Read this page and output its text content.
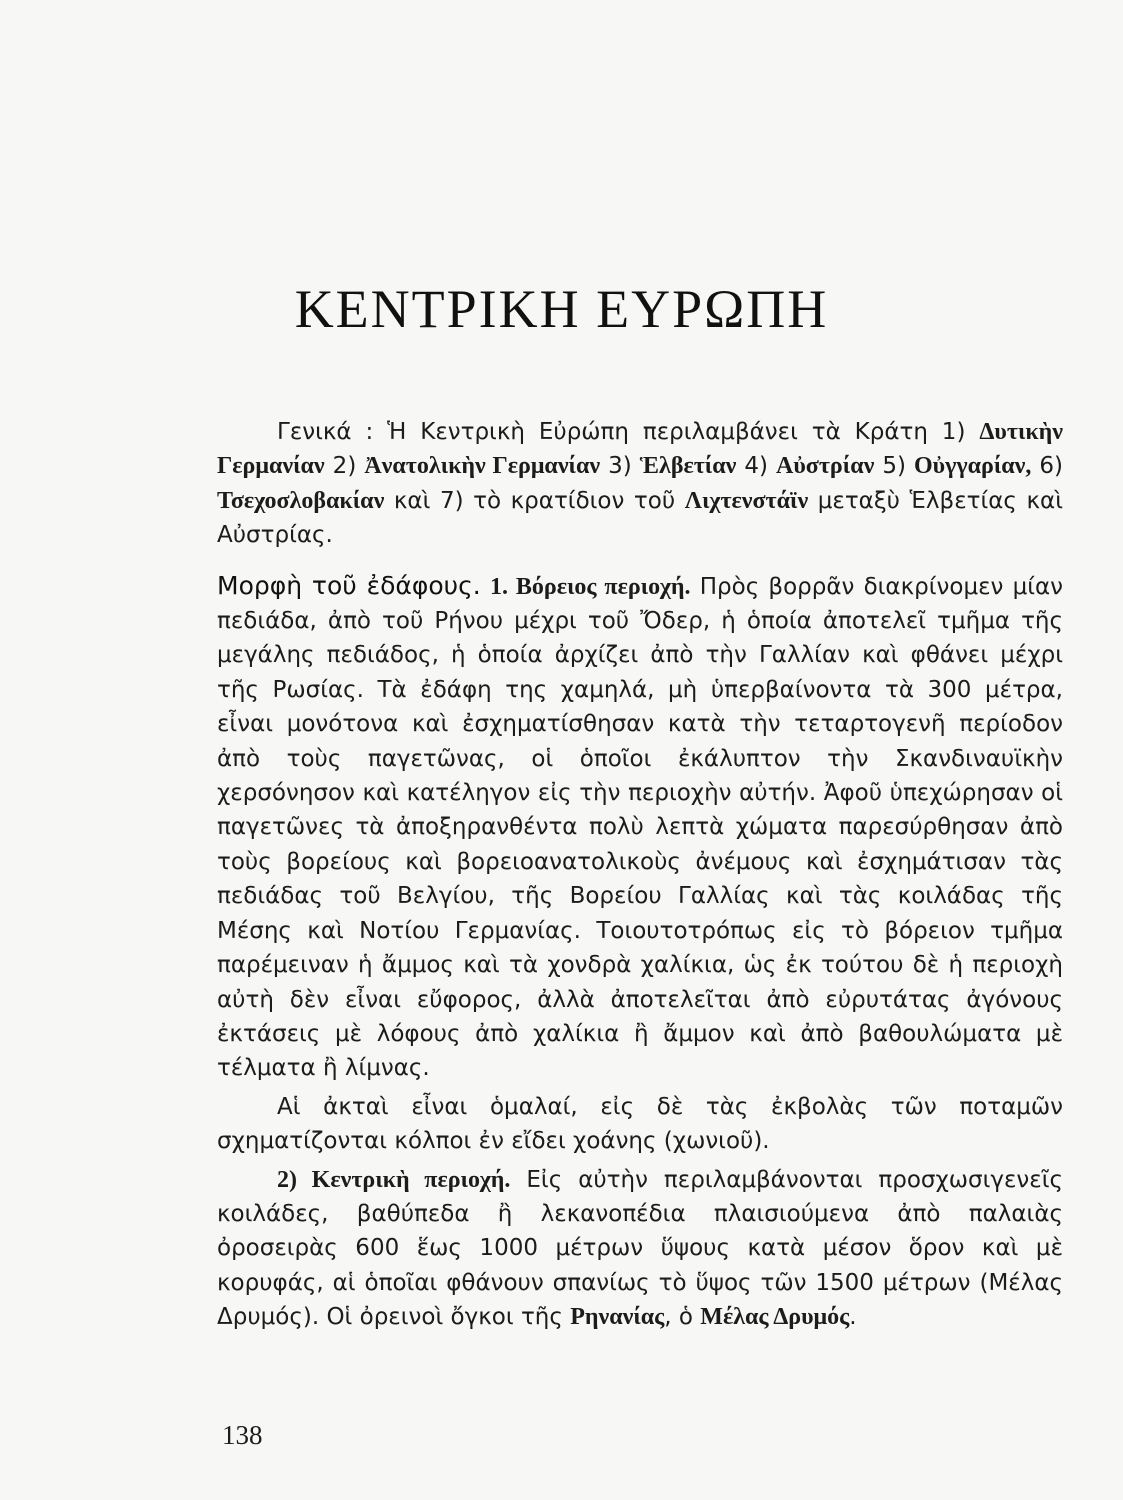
ΚΕΝΤΡΙΚΗ ΕΥΡΩΠΗ

Γενικά : Ἡ Κεντρικὴ Εὐρώπη περιλαμβάνει τὰ Κράτη 1) Δυτικὴν Γερμανίαν 2) Ἀνατολικὴν Γερμανίαν 3) Ἑλβετίαν 4) Αὐστρίαν 5) Οὐγγαρίαν, 6) Τσεχοσλοβακίαν καὶ 7) τὸ κρατίδιον τοῦ Λιχτενστάϊν μεταξὺ Ἑλβετίας καὶ Αὐστρίας.

Μορφὴ τοῦ ἐδάφους. 1. Βόρειος περιοχή. Πρὸς βορρᾶν διακρίνομεν μίαν πεδιάδα, ἀπὸ τοῦ Ρήνου μέχρι τοῦ Ὄδερ, ἡ ὁποία ἀποτελεῖ τμῆμα τῆς μεγάλης πεδιάδος, ἡ ὁποία ἀρχίζει ἀπὸ τὴν Γαλλίαν καὶ φθάνει μέχρι τῆς Ρωσίας. Τὰ ἐδάφη της χαμηλά, μὴ ὑπερβαίνοντα τὰ 300 μέτρα, εἶναι μονότονα καὶ ἐσχηματίσθησαν κατὰ τὴν τεταρτογενῆ περίοδον ἀπὸ τοὺς παγετῶνας, οἱ ὁποῖοι ἐκάλυπτον τὴν Σκανδιναυϊκὴν χερσόνησον καὶ κατέληγον εἰς τὴν περιοχὴν αὐτήν. Ἀφοῦ ὑπεχώρησαν οἱ παγετῶνες τὰ ἀποξηρανθέντα πολὺ λεπτὰ χώματα παρεσύρθησαν ἀπὸ τοὺς βορείους καὶ βορειοανατολικοὺς ἀνέμους καὶ ἐσχημάτισαν τὰς πεδιάδας τοῦ Βελγίου, τῆς Βορείου Γαλλίας καὶ τὰς κοιλάδας τῆς Μέσης καὶ Νοτίου Γερμανίας. Τοιουτοτρόπως εἰς τὸ βόρειον τμῆμα παρέμειναν ἡ ἄμμος καὶ τὰ χονδρὰ χαλίκια, ὡς ἐκ τούτου δὲ ἡ περιοχὴ αὐτὴ δὲν εἶναι εὔφορος, ἀλλὰ ἀποτελεῖται ἀπὸ εὐρυτάτας ἀγόνους ἐκτάσεις μὲ λόφους ἀπὸ χαλίκια ἢ ἄμμον καὶ ἀπὸ βαθουλώματα μὲ τέλματα ἢ λίμνας.

Αἱ ἀκταὶ εἶναι ὁμαλαί, εἰς δὲ τὰς ἐκβολὰς τῶν ποταμῶν σχηματίζονται κόλποι ἐν εἴδει χοάνης (χωνιοῦ).

2) Κεντρικὴ περιοχή. Εἰς αὐτὴν περιλαμβάνονται προσχωσιγενεῖς κοιλάδες, βαθύπεδα ἢ λεκανοπέδια πλαισιούμενα ἀπὸ παλαιὰς ὀροσειρὰς 600 ἕως 1000 μέτρων ὕψους κατὰ μέσον ὅρον καὶ μὲ κορυφάς, αἱ ὁποῖαι φθάνουν σπανίως τὸ ὕψος τῶν 1500 μέτρων (Μέλας Δρυμός). Οἱ ὀρεινοὶ ὄγκοι τῆς Ρηνανίας, ὁ Μέλας Δρυμός.

138
